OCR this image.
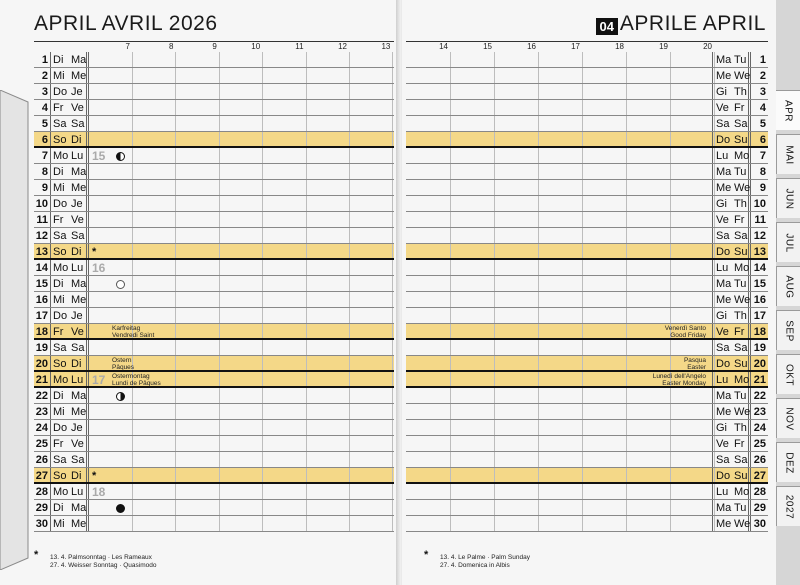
APRIL AVRIL 2026	04 APRILE APRIL
7	8	9	10	11	12	13	14	15	16	17	18	19	20
1 Di Ma
2 Mi Me
3 Do Je
4 Fr Ve
5 Sa Sa
6 So Di
7 Mo Lu 15
8 Di Ma
9 Mi Me
10 Do Je
11 Fr Ve
12 Sa Sa
13 So Di *
14 Mo Lu 16
15 Di Ma
16 Mi Me
17 Do Je
18 Fr Ve	Karfreitag
Vendredi Saint
19 Sa Sa
20 So Di	Ostern
Pâques
21 Mo Lu 17 Ostermontag
Lundi de Pâques
22 Di Ma
23 Mi Me
24 Do Je
25 Fr Ve
26 Sa Sa
27 So Di *
28 Mo Lu 18
29 Di Ma
30 Mi Me
Ma Tu	1
Me We 2
Gi Th	3
Ve Fr	4
Sa Sa	5
Do Su	6
Lu Mo 7
Ma Tu	8
Me We 9
Gi Th 10
Ve Fr 11
Sa Sa 12
Do Su 13
Lu Mo 14
Ma Tu 15
Me We 16
Gi Th 17
Ve Fr 18
Venerdì Santo
Good Friday
Sa Sa 19
Do Su 20
Pasqua
Easter
Lu Mo 21
Lunedì dell'Angelo
Easter Monday
Ma Tu 22
Me We 23
Gi Th 24
Ve Fr 25
Sa Sa 26
Do Su 27
Lu Mo 28
Ma Tu 29
Me We 30
* 13. 4. Palmsonntag · Les Rameaux
27. 4. Weisser Sonntag · Quasimodo
* 13. 4. Le Palme · Palm Sunday
27. 4. Domenica in Albis
APR
MAI
JUN
JUL
AUG
SEP
OKT
NOV
DEZ
2027
